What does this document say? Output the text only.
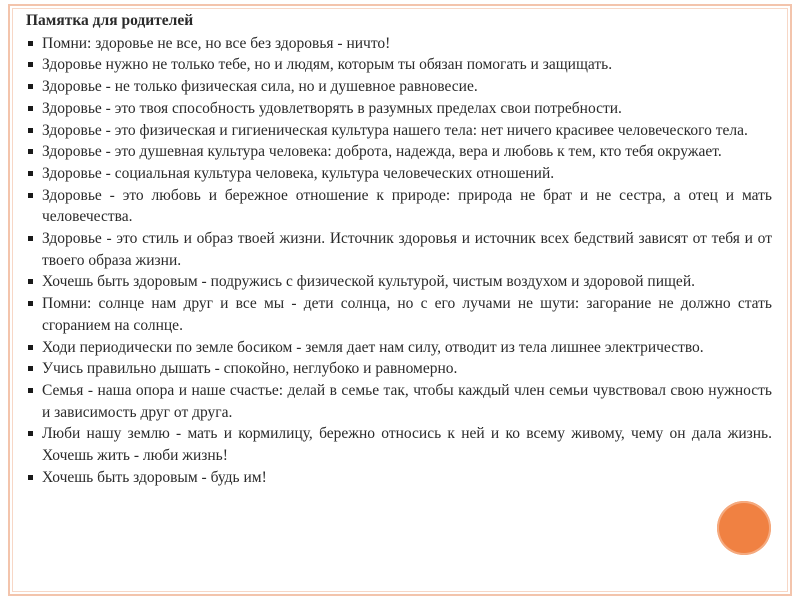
Памятка для родителей
Помни: здоровье не все, но все без здоровья - ничто!
Здоровье нужно не только тебе, но и людям, которым ты обязан помогать и защищать.
Здоровье - не только физическая сила, но и душевное равновесие.
Здоровье - это твоя способность удовлетворять в разумных пределах свои потребности.
Здоровье - это физическая и гигиеническая культура нашего тела: нет ничего красивее человеческого тела.
Здоровье - это душевная культура человека: доброта, надежда, вера и любовь к тем, кто тебя окружает.
Здоровье - социальная культура человека, культура человеческих отношений.
Здоровье - это любовь и бережное отношение к природе: природа не брат и не сестра, а отец и мать человечества.
Здоровье - это стиль и образ твоей жизни. Источник здоровья и источник всех бедствий зависят от тебя и от твоего образа жизни.
Хочешь быть здоровым - подружись с физической культурой, чистым воздухом и здоровой пищей.
Помни: солнце нам друг и все мы - дети солнца, но с его лучами не шути: загорание не должно стать сгоранием на солнце.
Ходи периодически по земле босиком - земля дает нам силу, отводит из тела лишнее электричество.
Учись правильно дышать - спокойно, неглубоко и равномерно.
Семья - наша опора и наше счастье: делай в семье так, чтобы каждый член семьи чувствовал свою нужность и зависимость друг от друга.
Люби нашу землю - мать и кормилицу, бережно относись к ней и ко всему живому, чему он дала жизнь. Хочешь жить - люби жизнь!
Хочешь быть здоровым - будь им!
